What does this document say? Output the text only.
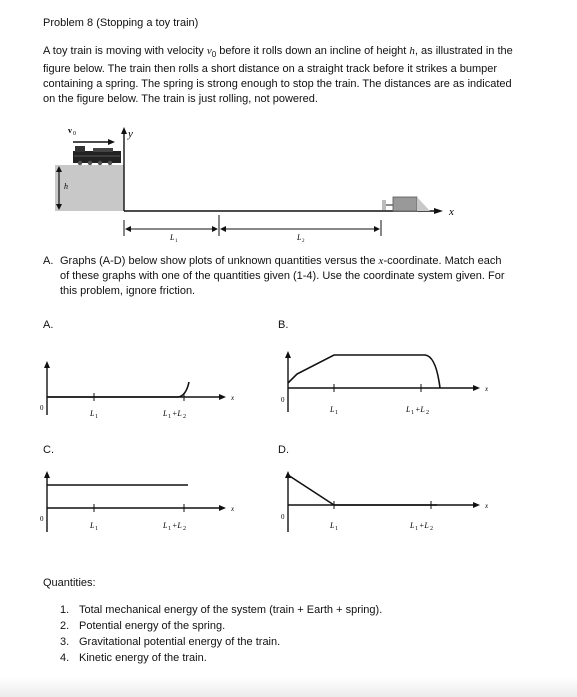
Problem 8 (Stopping a toy train)

A toy train is moving with velocity $v_0$ before it rolls down an incline of height h, as illustrated in the figure below. The train then rolls a short distance on a straight track before it strikes a bumper containing a spring. The spring is strong enough to stop the train. The distances are as indicated on the figure below. The train is just rolling, not powered.

h
v 0	y
x
L 1	L 2
A. Graphs (A-D) below show plots of unknown quantities versus the x-coordinate. Match each of these graphs with one of the quantities given (1-4). Use the coordinate system given. For this problem, ignore friction.
A.	B.
C.	D.
0
x
L 1	L 1 +L 2
0
x
L 1	L 1 +L 2
0
x
L 1	L 1 +L 2
0
x
L 1	L 1 +L 2

Quantities:

1 Total mechanical energy of the system (train + Earth + spring).
2 Potential energy of the spring.
3 Gravitational potential energy of the train.
4 Kinetic energy of the train.
